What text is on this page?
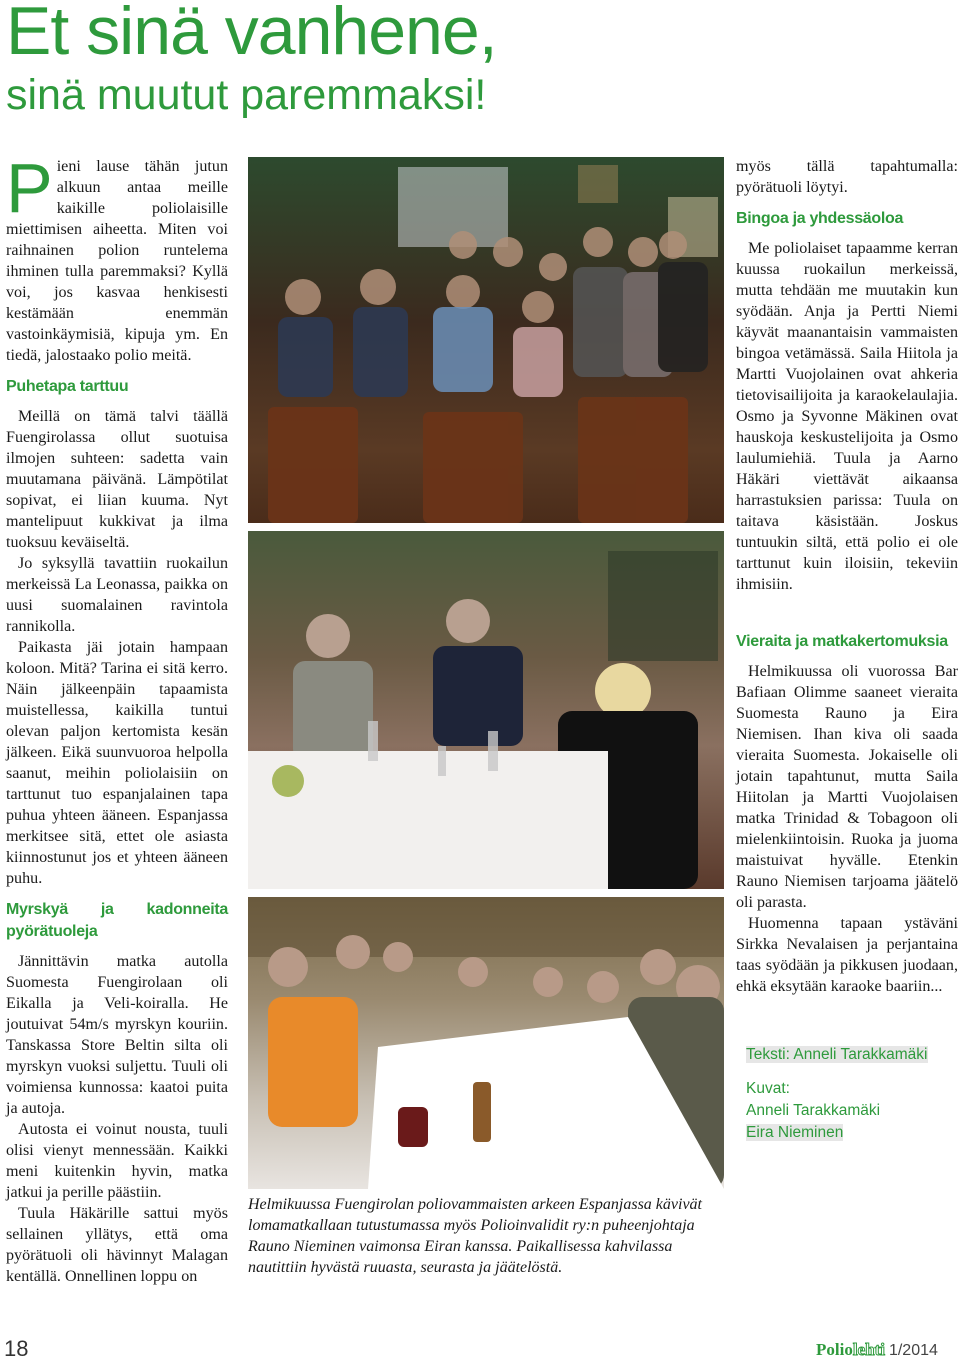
Et sinä vanhene,
sinä muutut paremmaksi!

Pieni lause tähän jutun alkuun antaa meille kaikille poliolaisille miettimisen aiheetta. Miten voi raihnainen polion runtelema ihminen tulla paremmaksi? Kyllä voi, jos kasvaa henkisesti kestämään enemmän vastoinkäymisiä, kipuja ym. En tiedä, jalostaako polio meitä.

Puhetapa tarttuu

Meillä on tämä talvi täällä Fuengirolassa ollut suotuisa ilmojen suhteen: sadetta vain muutamana päivänä. Lämpötilat sopivat, ei liian kuuma. Nyt mantelipuut kukkivat ja ilma tuoksuu keväiseltä.

Jo syksyllä tavattiin ruokailun merkeissä La Leonassa, paikka on uusi suomalainen ravintola rannikolla.

Paikasta jäi jotain hampaan koloon. Mitä? Tarina ei sitä kerro. Näin jälkeenpäin tapaamista muistellessa, kaikilla tuntui olevan paljon kertomista kesän jälkeen. Eikä suunvuoroa helpolla saanut, meihin poliolaisiin on tarttunut tuo espanjalainen tapa puhua yhteen ääneen. Espanjassa merkitsee sitä, ettet ole asiasta kiinnostunut jos et yhteen ääneen puhu.

Myrskyä ja kadonneita pyörätuoleja

Jännittävin matka autolla Suomesta Fuengirolaan oli Eikalla ja Veli-koiralla. He joutuivat 54m/s myrskyn kouriin. Tanskassa Store Beltin silta oli myrskyn vuoksi suljettu. Tuuli oli voimiensa kunnossa: kaatoi puita ja autoja.

Autosta ei voinut nousta, tuuli olisi vienyt mennessään. Kaikki meni kuitenkin hyvin, matka jatkui ja perille päästiin.

Tuula Häkärille sattui myös sellainen yllätys, että oma pyörätuoli oli hävinnyt Malagan kentällä. Onnellinen loppu on

Helmikuussa Fuengirolan poliovammaisten arkeen Espanjassa kävivät lomamatkallaan tutustumassa myös Poliоinvalidit ry:n puheenjohtaja Rauno Nieminen vaimonsa Eiran kanssa. Paikallisessa kahvilassa nautittiin hyvästä ruuasta, seurasta ja jäätelöstä.

myös tällä tapahtumalla: pyörätuoli löytyi.

Bingoa ja yhdessäoloa

Me poliolaiset tapaamme kerran kuussa ruokailun merkeissä, mutta tehdään me muutakin kun syödään. Anja ja Pertti Niemi käyvät maanantaisin vammaisten bingoa vetämässä. Saila Hiitola ja Martti Vuojolainen ovat ahkeria tietovisailijoita ja karaokelaulajia. Osmo ja Syvonne Mäkinen ovat hauskoja keskustelijoita ja Osmo laulumiehiä. Tuula ja Aarno Häkäri viettävät aikaansa harrastuksien parissa: Tuula on taitava käsistään. Joskus tuntuukin siltä, että polio ei ole tarttunut kuin iloisiin, tekeviin ihmisiin.

Vieraita ja matkakertomuksia

Helmikuussa oli vuorossa Bar Bafiaan Olimme saaneet vieraita Suomesta Rauno ja Eira Niemisen. Ihan kiva oli saada vieraita Suomesta. Jokaiselle oli jotain tapahtunut, mutta Saila Hiitolan ja Martti Vuojolaisen matka Trinidad & Tobagoon oli mielenkiintoisin. Ruoka ja juoma maistuivat hyvälle. Etenkin Rauno Niemisen tarjoama jäätelö oli parasta.

Huomenna tapaan ystäväni Sirkka Nevalaisen ja perjantaina taas syödään ja pikkusen juodaan, ehkä eksytään karaoke baariin...

Teksti: Anneli Tarakkamäki
Kuvat:
Anneli Tarakkamäki
Eira Nieminen
18	Poliolehti 1/2014
